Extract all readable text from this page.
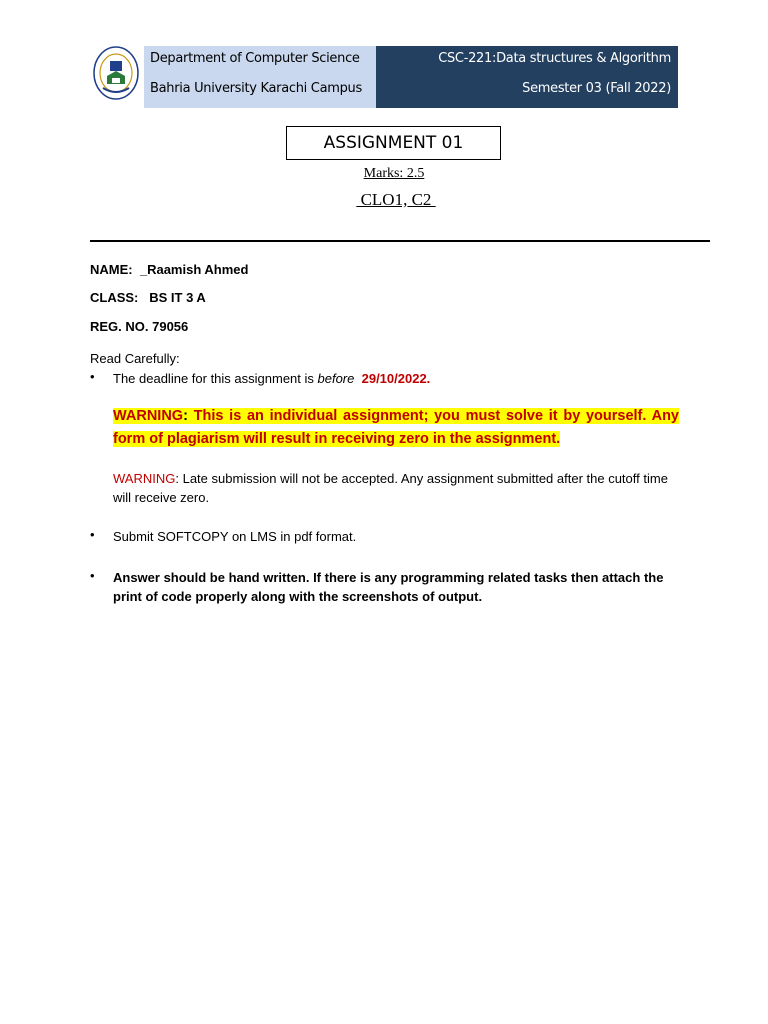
Department of Computer Science
Bahria University Karachi Campus
CSC-221:Data structures & Algorithm
Semester 03 (Fall 2022)
ASSIGNMENT 01
Marks: 2.5
CLO1, C2
NAME: _Raamish Ahmed
CLASS: BS IT 3 A
REG. NO. 79056
Read Carefully:
• The deadline for this assignment is before 29/10/2022.
WARNING: This is an individual assignment; you must solve it by yourself. Any form of plagiarism will result in receiving zero in the assignment.
WARNING: Late submission will not be accepted. Any assignment submitted after the cutoff time will receive zero.
• Submit SOFTCOPY on LMS in pdf format.
• Answer should be hand written. If there is any programming related tasks then attach the print of code properly along with the screenshots of output.
